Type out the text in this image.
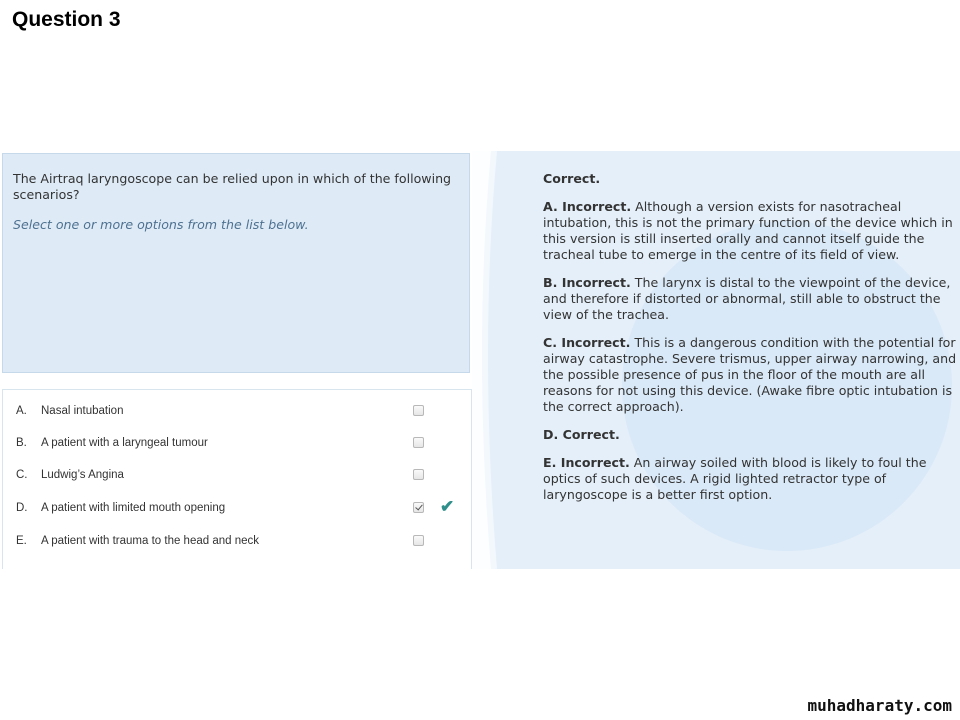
Question 3

The Airtraq laryngoscope can be relied upon in which of the following scenarios?

Select one or more options from the list below.

A. Nasal intubation
B. A patient with a laryngeal tumour
C. Ludwig’s Angina
D. A patient with limited mouth opening	✔
E. A patient with trauma to the head and neck

Correct.

A. Incorrect. Although a version exists for nasotracheal intubation, this is not the primary function of the device which in this version is still inserted orally and cannot itself guide the tracheal tube to emerge in the centre of its field of view.

B. Incorrect. The larynx is distal to the viewpoint of the device, and therefore if distorted or abnormal, still able to obstruct the view of the trachea.

C. Incorrect. This is a dangerous condition with the potential for airway catastrophe. Severe trismus, upper airway narrowing, and the possible presence of pus in the floor of the mouth are all reasons for not using this device. (Awake fibre optic intubation is the correct approach).

D. Correct.

E. Incorrect. An airway soiled with blood is likely to foul the optics of such devices. A rigid lighted retractor type of laryngoscope is a better first option.

muhadharaty.com
